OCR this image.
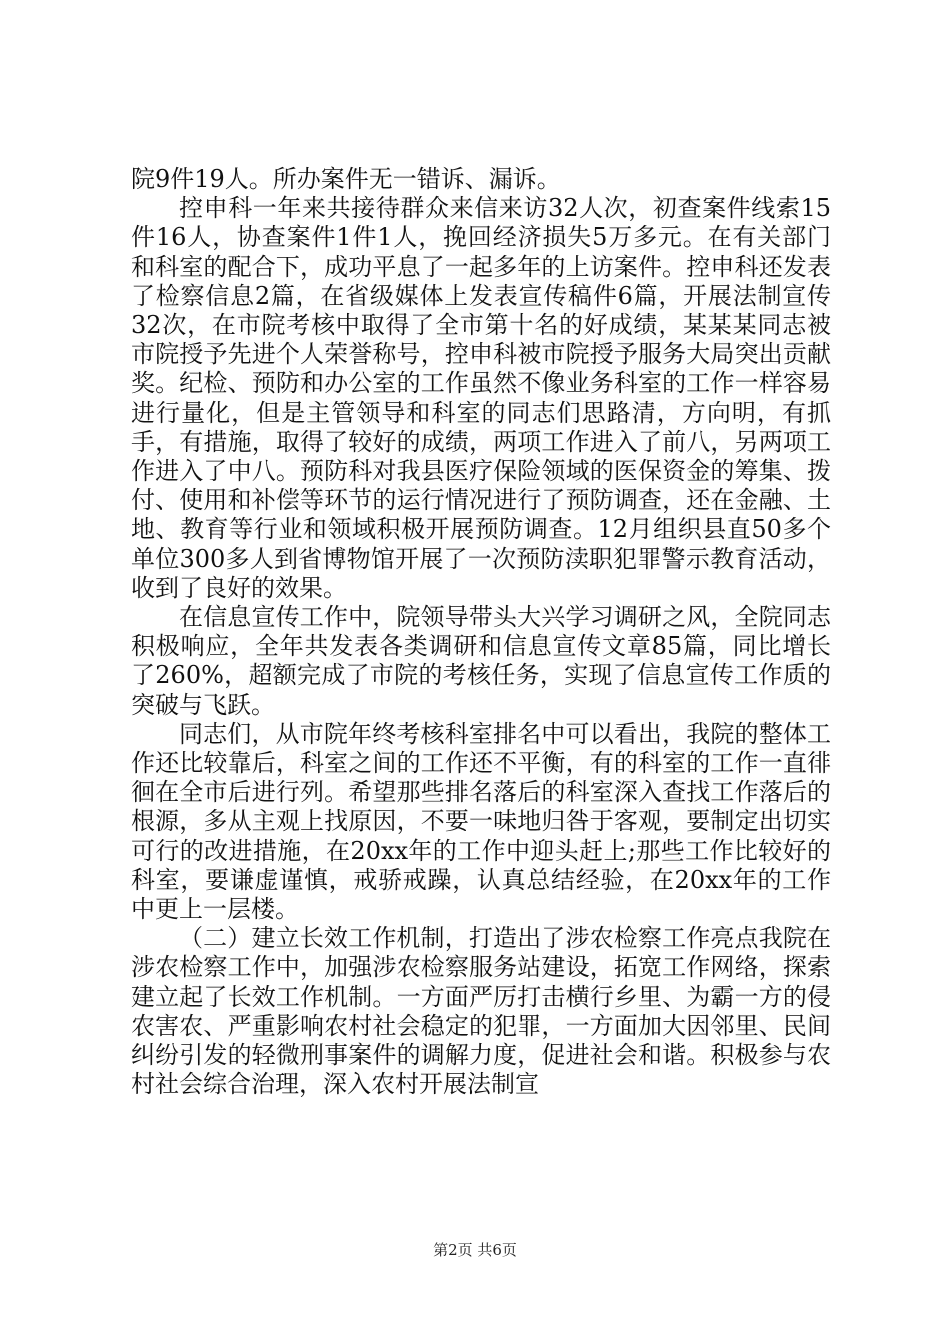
院9件19人。所办案件无一错诉、漏诉。

控申科一年来共接待群众来信来访32人次，初查案件线索15件16人，协查案件1件1人，挽回经济损失5万多元。在有关部门和科室的配合下，成功平息了一起多年的上访案件。控申科还发表了检察信息2篇，在省级媒体上发表宣传稿件6篇，开展法制宣传32次，在市院考核中取得了全市第十名的好成绩，某某某同志被市院授予先进个人荣誉称号，控申科被市院授予服务大局突出贡献奖。纪检、预防和办公室的工作虽然不像业务科室的工作一样容易进行量化，但是主管领导和科室的同志们思路清，方向明，有抓手，有措施，取得了较好的成绩，两项工作进入了前八，另两项工作进入了中八。预防科对我县医疗保险领域的医保资金的筹集、拨付、使用和补偿等环节的运行情况进行了预防调查，还在金融、土地、教育等行业和领域积极开展预防调查。12月组织县直50多个单位300多人到省博物馆开展了一次预防渎职犯罪警示教育活动，收到了良好的效果。

在信息宣传工作中，院领导带头大兴学习调研之风，全院同志积极响应，全年共发表各类调研和信息宣传文章85篇，同比增长了260%，超额完成了市院的考核任务，实现了信息宣传工作质的突破与飞跃。

同志们，从市院年终考核科室排名中可以看出，我院的整体工作还比较靠后，科室之间的工作还不平衡，有的科室的工作一直徘徊在全市后进行列。希望那些排名落后的科室深入查找工作落后的根源，多从主观上找原因，不要一味地归咎于客观，要制定出切实可行的改进措施，在20xx年的工作中迎头赶上;那些工作比较好的科室，要谦虚谨慎，戒骄戒躁，认真总结经验，在20xx年的工作中更上一层楼。

（二）建立长效工作机制，打造出了涉农检察工作亮点我院在涉农检察工作中，加强涉农检察服务站建设，拓宽工作网络，探索建立起了长效工作机制。一方面严厉打击横行乡里、为霸一方的侵农害农、严重影响农村社会稳定的犯罪，一方面加大因邻里、民间纠纷引发的轻微刑事案件的调解力度，促进社会和谐。积极参与农村社会综合治理，深入农村开展法制宣

第2页 共6页
